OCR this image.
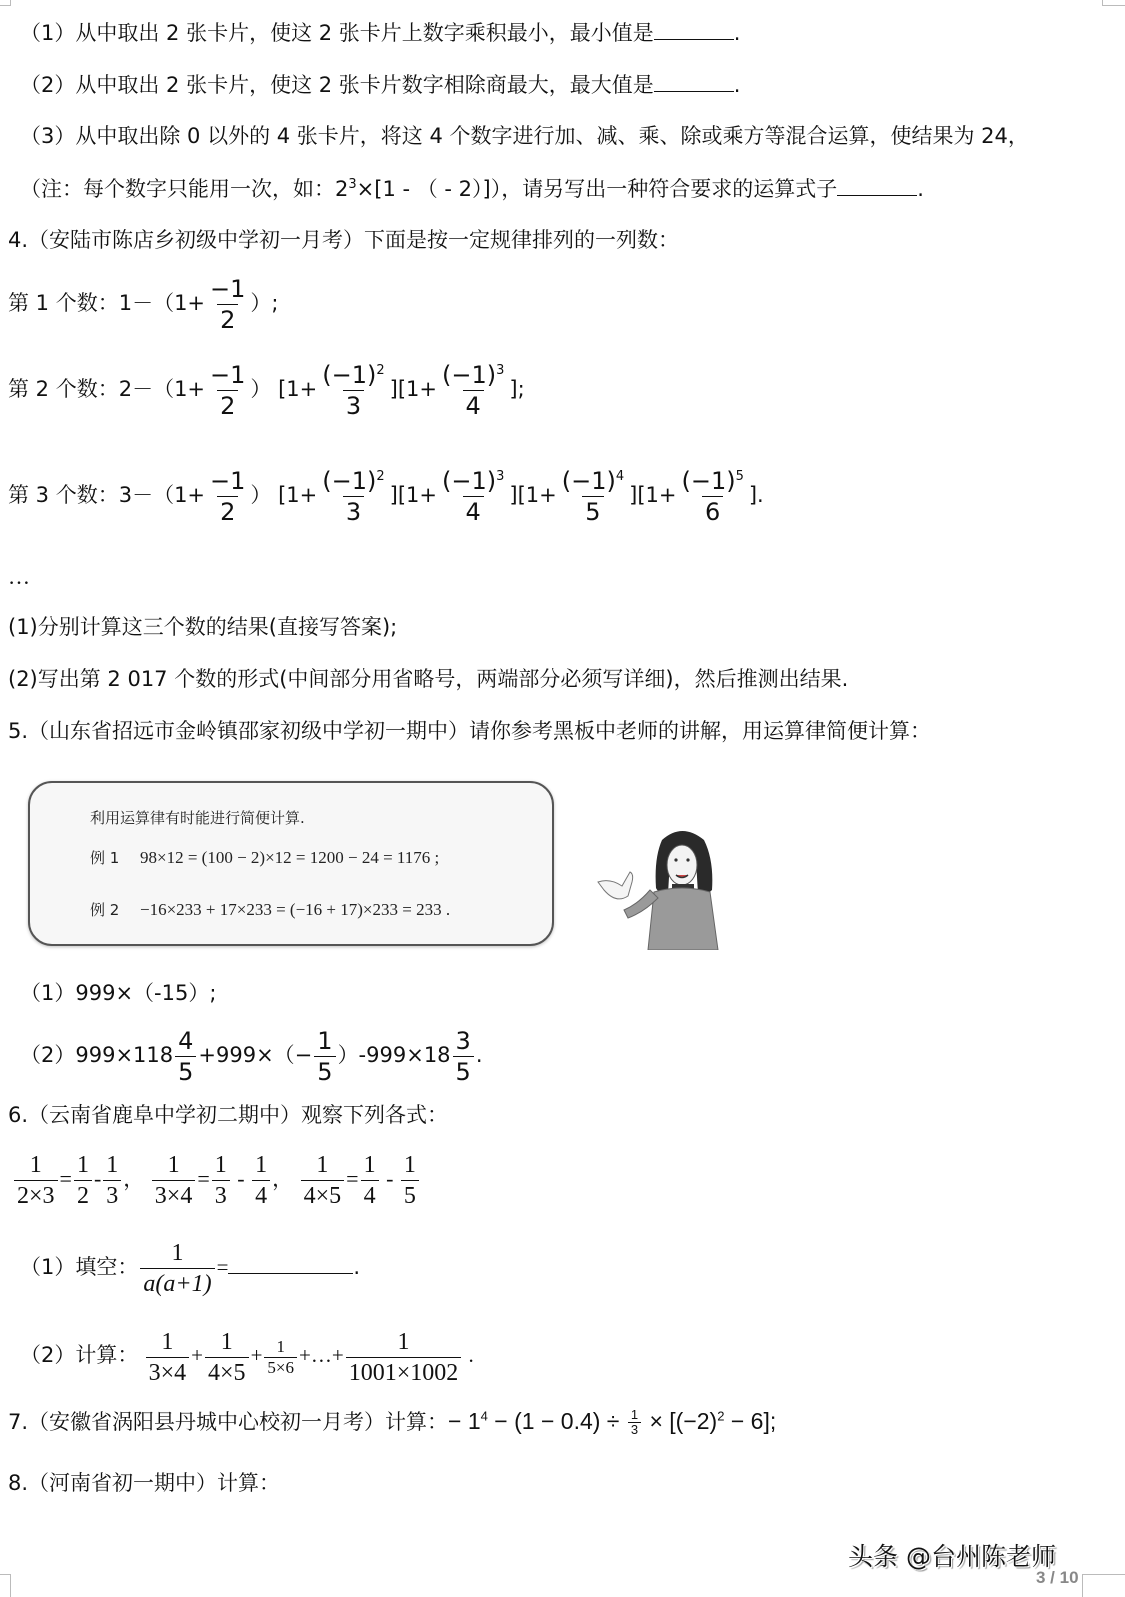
（1）从中取出 2 张卡片，使这 2 张卡片上数字乘积最小，最小值是	.
（2）从中取出 2 张卡片，使这 2 张卡片数字相除商最大，最大值是	.
（3）从中取出除 0 以外的 4 张卡片，将这 4 个数字进行加、减、乘、除或乘方等混合运算，使结果为 24，
（注：每个数字只能用一次，如：$2^3\times[1$ - （ - 2）]），请另写出一种符合要求的运算式子	.
4.（安陆市陈店乡初级中学初一月考）下面是按一定规律排列的一列数：
第 1 个数：$1-(1+ \frac{-1}{2}$ ）;
第 2 个数：$2-(1+ \frac{-1}{2}$ ） $[1+ \frac{(-1)^2}{3} ][1+ \frac{(-1)^3}{4}$ ];
第 3 个数：$3-(1+ \frac{-1}{2}$ ） $[1+ \frac{(-1)^2}{3} ][1+ \frac{(-1)^3}{4} ][1+ \frac{(-1)^4}{5} ][1+ \frac{(-1)^5}{6}$ ].
…
(1)分别计算这三个数的结果(直接写答案);
(2)写出第 2 017 个数的形式(中间部分用省略号，两端部分必须写详细)，然后推测出结果.
5.（山东省招远市金岭镇邵家初级中学初一期中）请你参考黑板中老师的讲解，用运算律简便计算：
利用运算律有时能进行简便计算.
例 1 98×12 = (100 − 2)×12 = 1200 − 24 = 1176 ;
例 2 −16×233 + 17×233 = (−16 + 17)×233 = 233 .
（1）999×（-15）;
$(2)999\times 118 \frac{4}{5} +999\times(- \frac{1}{5} )-999\times 18 \frac{3}{5}$ .
6.（云南省鹿阜中学初二期中）观察下列各式：
$\frac{1}{2\times 3} = \frac{1}{2} - \frac{1}{3}$ ， $\frac{1}{3\times 4} = \frac{1}{3} - \frac{1}{4}$ ， $\frac{1}{4\times 5} = \frac{1}{4} - \frac{1}{5}$
（1）填空： $\frac{1}{a(a+1)}$ =	.
（2）计算： $\frac{1}{3\times 4} + \frac{1}{4\times 5} + \frac{1}{5\times 6}$ +…+ $\frac{1}{1001\times 1002}$ .
7.（安徽省涡阳县丹城中心校初一月考）计算：− $1^4 - (1 - 0.4) \div \frac{1}{3} \times [(-2)^2 - 6]$;
8.（河南省初一期中）计算：
头条 @台州陈老师
3 / 10
